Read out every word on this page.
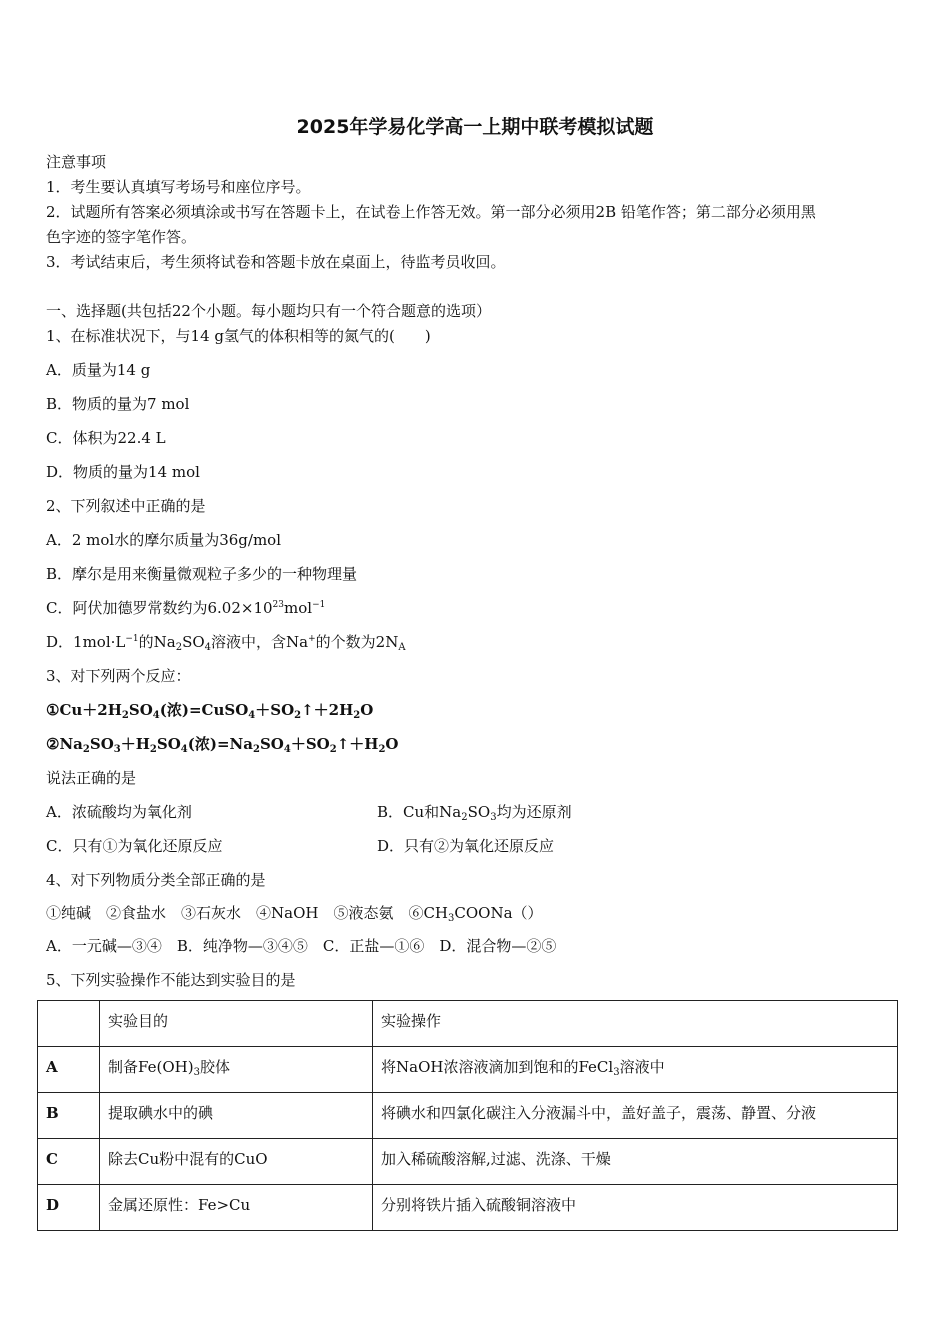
2025年学易化学高一上期中联考模拟试题
注意事项
1．考生要认真填写考场号和座位序号。
2．试题所有答案必须填涂或书写在答题卡上，在试卷上作答无效。第一部分必须用2B 铅笔作答；第二部分必须用黑
色字迹的签字笔作答。
3．考试结束后，考生须将试卷和答题卡放在桌面上，待监考员收回。
一、选择题(共包括22个小题。每小题均只有一个符合题意的选项）
1、在标准状况下，与14 g氢气的体积相等的氮气的(　　)
A．质量为14 g
B．物质的量为7 mol
C．体积为22.4 L
D．物质的量为14 mol
2、下列叙述中正确的是
A．2 mol水的摩尔质量为36g/mol
B．摩尔是用来衡量微观粒子多少的一种物理量
C．阿伏加德罗常数约为$6.02\times 10^{23}mol^{-1}$
D．$1mol\cdot L^{-1}$的$Na_2SO_4$溶液中，含Na+的个数为$2N_A$
3、对下列两个反应：
$①Cu+2H_2SO_4$(浓)$=CuSO_4+SO_2↑+2H_2O$
$②Na_2SO_3+H_2SO_4$(浓)$=Na_2SO_4+SO_2↑+H_2O$
说法正确的是
A．浓硫酸均为氧化剂	B．Cu和$Na_2SO_3$均为还原剂
C．只有①为氧化还原反应	D．只有②为氧化还原反应
4、对下列物质分类全部正确的是
①纯碱　②食盐水　③石灰水　④NaOH　⑤液态氨　$⑥CH_3COONa()$
A．一元碱—③④　B．纯净物—③④⑤　C．正盐—①⑥　D．混合物—②⑤
5、下列实验操作不能达到实验目的是
	实验目的	实验操作
A	制备$Fe(OH)_3$胶体	将NaOH浓溶液滴加到饱和的FeCl$_3$溶液中
B	提取碘水中的碘	将碘水和四氯化碳注入分液漏斗中，盖好盖子，震荡、静置、分液
C	除去Cu粉中混有的CuO	加入稀硫酸溶解,过滤、洗涤、干燥
D	金属还原性：Fe>Cu	分别将铁片插入硫酸铜溶液中
